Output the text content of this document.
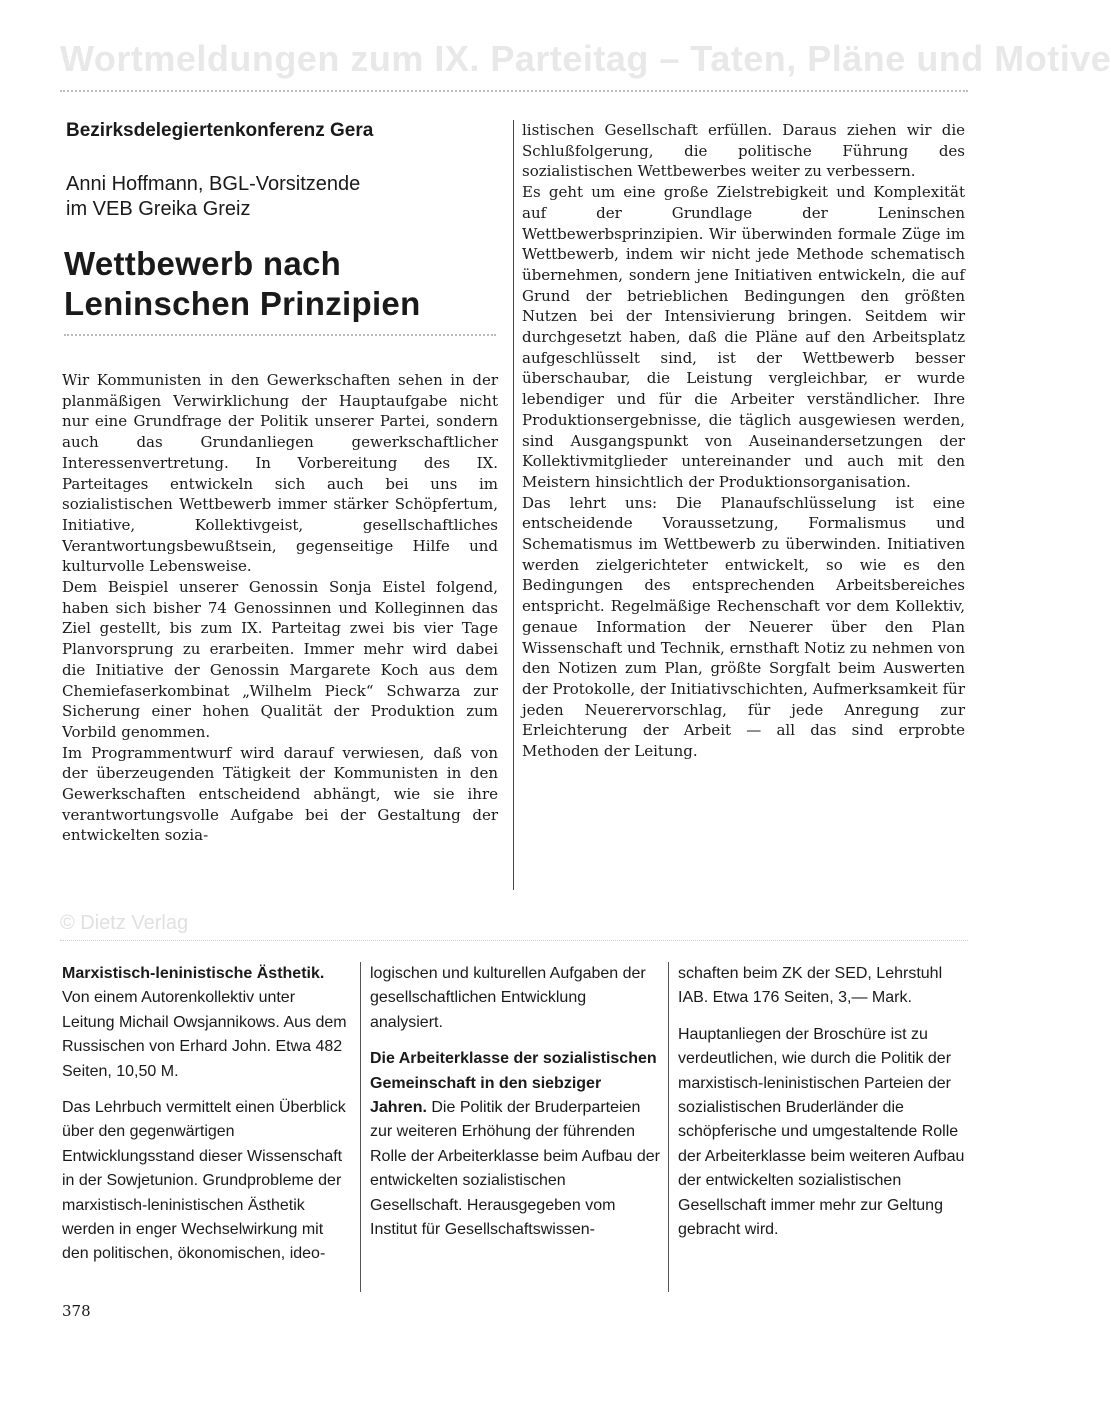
Wortmeldungen zum IX. Parteitag – Taten, Pläne und Motive
Bezirksdelegiertenkonferenz Gera
Anni Hoffmann, BGL-Vorsitzende
im VEB Greika Greiz
Wettbewerb nach
Leninschen Prinzipien

Wir Kommunisten in den Gewerkschaften sehen in der planmäßigen Verwirklichung der Hauptaufgabe nicht nur eine Grundfrage der Politik unserer Partei, sondern auch das Grundanliegen gewerkschaftlicher Interessenvertretung. In Vorbereitung des IX. Parteitages entwickeln sich auch bei uns im sozialistischen Wettbewerb immer stärker Schöpfertum, Initiative, Kollektivgeist, gesellschaftliches Verantwortungsbewußtsein, gegenseitige Hilfe und kulturvolle Lebensweise.

Dem Beispiel unserer Genossin Sonja Eistel folgend, haben sich bisher 74 Genossinnen und Kolleginnen das Ziel gestellt, bis zum IX. Parteitag zwei bis vier Tage Planvorsprung zu erarbeiten. Immer mehr wird dabei die Initiative der Genossin Margarete Koch aus dem Chemiefaserkombinat „Wilhelm Pieck“ Schwarza zur Sicherung einer hohen Qualität der Produktion zum Vorbild genommen.

Im Programmentwurf wird darauf verwiesen, daß von der überzeugenden Tätigkeit der Kommunisten in den Gewerkschaften entscheidend abhängt, wie sie ihre verantwortungsvolle Aufgabe bei der Gestaltung der entwickelten sozia-

listischen Gesellschaft erfüllen. Daraus ziehen wir die Schlußfolgerung, die politische Führung des sozialistischen Wettbewerbes weiter zu verbessern.

Es geht um eine große Zielstrebigkeit und Komplexität auf der Grundlage der Leninschen Wettbewerbsprinzipien. Wir überwinden formale Züge im Wettbewerb, indem wir nicht jede Methode schematisch übernehmen, sondern jene Initiativen entwickeln, die auf Grund der betrieblichen Bedingungen den größten Nutzen bei der Intensivierung bringen. Seitdem wir durchgesetzt haben, daß die Pläne auf den Arbeitsplatz aufgeschlüsselt sind, ist der Wettbewerb besser überschaubar, die Leistung vergleichbar, er wurde lebendiger und für die Arbeiter verständlicher. Ihre Produktionsergebnisse, die täglich ausgewiesen werden, sind Ausgangspunkt von Auseinandersetzungen der Kollektivmitglieder untereinander und auch mit den Meistern hinsichtlich der Produktionsorganisation.

Das lehrt uns: Die Planaufschlüsselung ist eine entscheidende Voraussetzung, Formalismus und Schematismus im Wettbewerb zu überwinden. Initiativen werden zielgerichteter entwickelt, so wie es den Bedingungen des entsprechenden Arbeitsbereiches entspricht. Regelmäßige Rechenschaft vor dem Kollektiv, genaue Information der Neuerer über den Plan Wissenschaft und Technik, ernsthaft Notiz zu nehmen von den Notizen zum Plan, größte Sorgfalt beim Auswerten der Protokolle, der Initiativschichten, Aufmerksamkeit für jeden Neuerervorschlag, für jede Anregung zur Erleichterung der Arbeit — all das sind erprobte Methoden der Leitung.

© Dietz Verlag

Marxistisch-leninistische Ästhetik. Von einem Autorenkollektiv unter Leitung Michail Owsjannikows. Aus dem Russischen von Erhard John. Etwa 482 Seiten, 10,50 M.

Das Lehrbuch vermittelt einen Überblick über den gegenwärtigen Entwicklungsstand dieser Wissenschaft in der Sowjetunion. Grundprobleme der marxistisch-leninistischen Ästhetik werden in enger Wechselwirkung mit den politischen, ökonomischen, ideo-

logischen und kulturellen Aufgaben der gesellschaftlichen Entwicklung analysiert.

Die Arbeiterklasse der sozialistischen Gemeinschaft in den siebziger Jahren. Die Politik der Bruderparteien zur weiteren Erhöhung der führenden Rolle der Arbeiterklasse beim Aufbau der entwickelten sozialistischen Gesellschaft. Herausgegeben vom Institut für Gesellschaftswissen-

schaften beim ZK der SED, Lehrstuhl IAB. Etwa 176 Seiten, 3,— Mark.

Hauptanliegen der Broschüre ist zu verdeutlichen, wie durch die Politik der marxistisch-leninistischen Parteien der sozialistischen Bruderländer die schöpferische und umgestaltende Rolle der Arbeiterklasse beim weiteren Aufbau der entwickelten sozialistischen Gesellschaft immer mehr zur Geltung gebracht wird.

378
